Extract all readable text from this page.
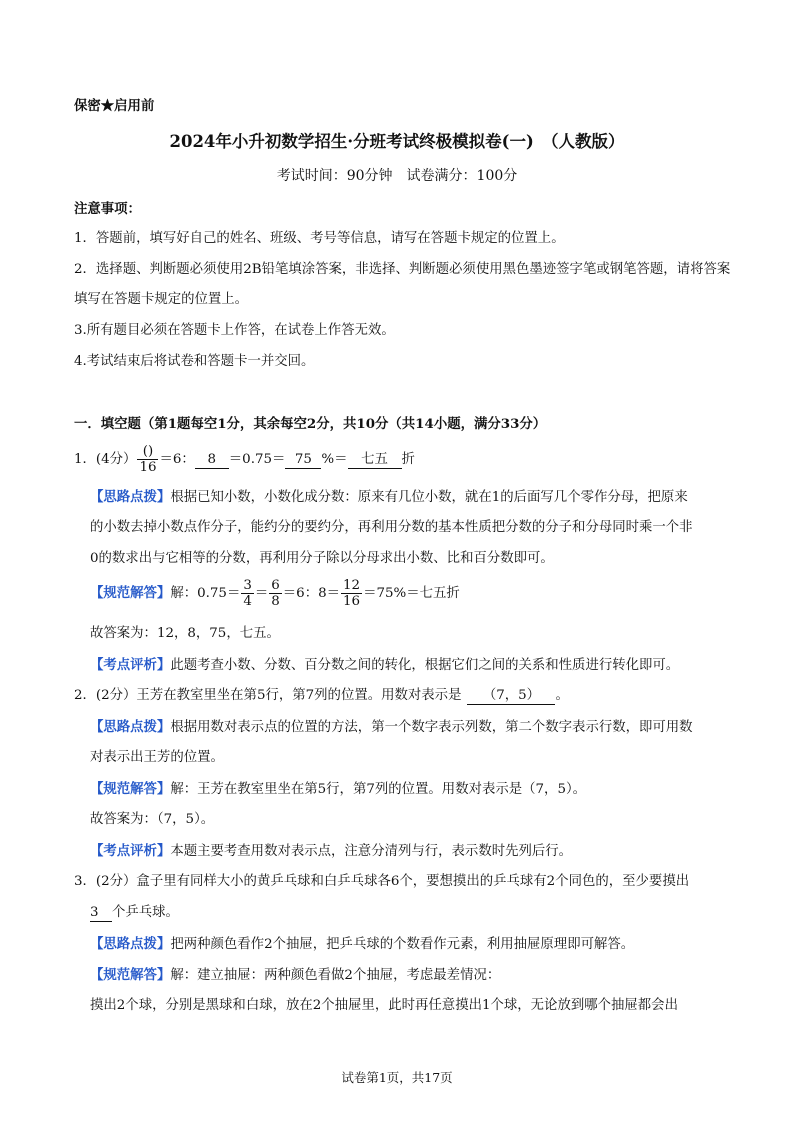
保密★启用前
2024年小升初数学招生·分班考试终极模拟卷(一)　（人教版）
考试时间：90分钟　试卷满分：100分
注意事项：
1．答题前，填写好自己的姓名、班级、考号等信息，请写在答题卡规定的位置上。
2．选择题、判断题必须使用2B铅笔填涂答案，非选择、判断题必须使用黑色墨迹签字笔或钢笔答题，请将答案
填写在答题卡规定的位置上。
3.所有题目必须在答题卡上作答，在试卷上作答无效。
4.考试结束后将试卷和答题卡一并交回。
一．填空题（第1题每空1分，其余每空2分，共10分（共14小题，满分33分）
1．(4分） $\frac{()}{16} =6$： 8 ＝0.75＝ 75 %＝ 七五 折
【思路点拨】根据已知小数，小数化成分数：原来有几位小数，就在1的后面写几个零作分母，把原来
的小数去掉小数点作分子，能约分的要约分，再利用分数的基本性质把分数的分子和分母同时乘一个非
0的数求出与它相等的分数，再利用分子除以分母求出小数、比和百分数即可。
【规范解答】解：$0.75= \frac{3}{4} = \frac{6}{8} =6$：$8= \frac{12}{16} =75\%=$七五折
故答案为：12，8，75，七五。
【考点评析】此题考查小数、分数、百分数之间的转化，根据它们之间的关系和性质进行转化即可。
2．(2分）王芳在教室里坐在第5行，第7列的位置。用数对表示是 （7，5） 。
【思路点拨】根据用数对表示点的位置的方法，第一个数字表示列数，第二个数字表示行数，即可用数
对表示出王芳的位置。
【规范解答】解：王芳在教室里坐在第5行，第7列的位置。用数对表示是（7，5）。
故答案为：（7，5）。
【考点评析】本题主要考查用数对表示点，注意分清列与行，表示数时先列后行。
3．(2分）盒子里有同样大小的黄乒乓球和白乒乓球各6个，要想摸出的乒乓球有2个同色的，至少要摸出
3 个乒乓球。
【思路点拨】把两种颜色看作2个抽屉，把乒乓球的个数看作元素，利用抽屉原理即可解答。
【规范解答】解：建立抽屉：两种颜色看做2个抽屉，考虑最差情况：
摸出2个球，分别是黑球和白球，放在2个抽屉里，此时再任意摸出1个球，无论放到哪个抽屉都会出
试卷第1页，共17页
